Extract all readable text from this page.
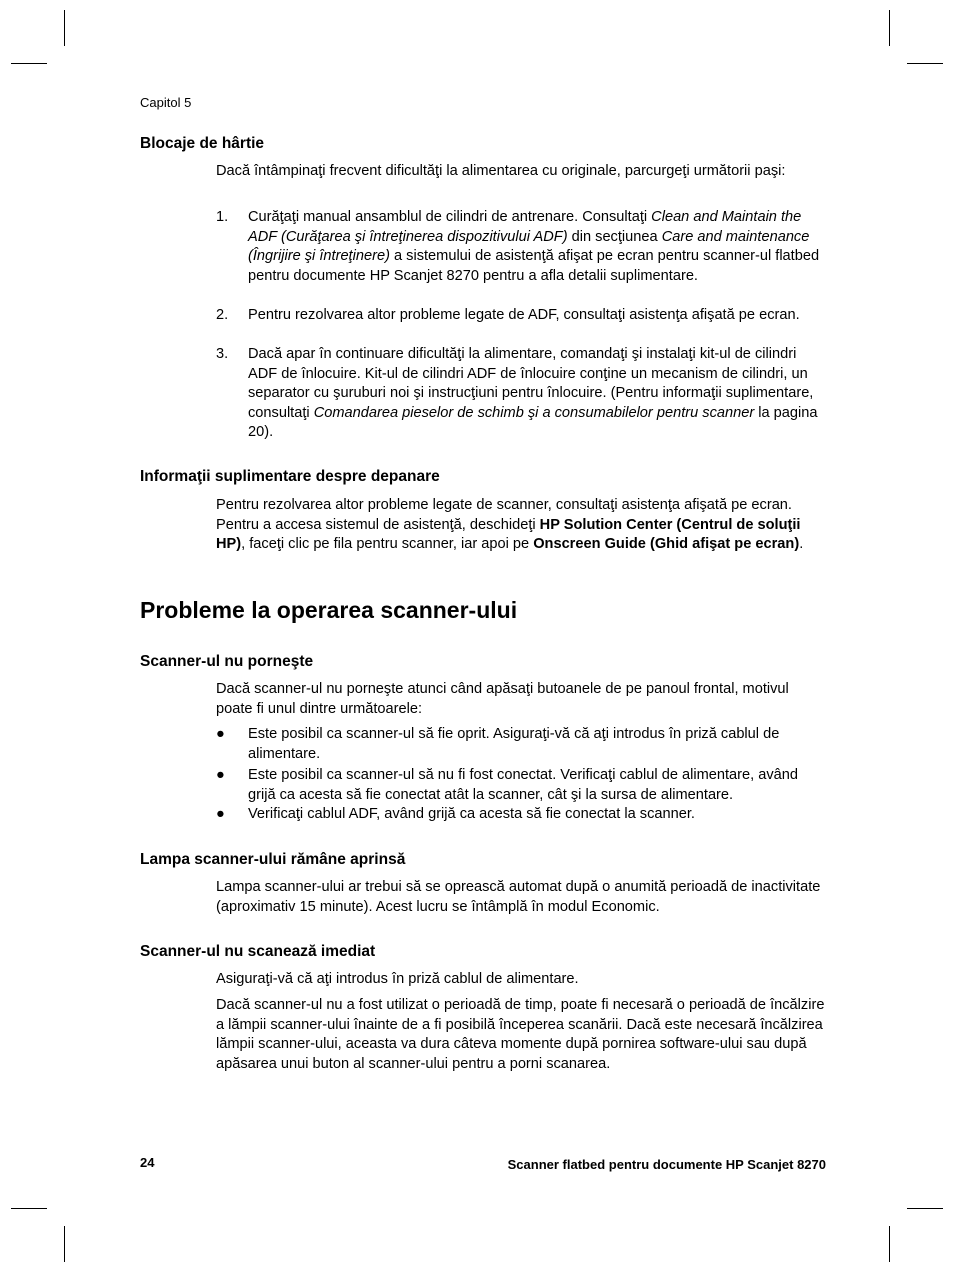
Capitol 5
Blocaje de hârtie

Dacă întâmpinaţi frecvent dificultăţi la alimentarea cu originale, parcurgeţi următorii paşi:

1. Curăţaţi manual ansamblul de cilindri de antrenare. Consultaţi Clean and Maintain the ADF (Curăţarea şi întreţinerea dispozitivului ADF) din secţiunea Care and maintenance (Îngrijire şi întreţinere) a sistemului de asistenţă afişat pe ecran pentru scanner-ul flatbed pentru documente HP Scanjet 8270 pentru a afla detalii suplimentare.
2. Pentru rezolvarea altor probleme legate de ADF, consultaţi asistenţa afişată pe ecran.
3. Dacă apar în continuare dificultăţi la alimentare, comandaţi şi instalaţi kit-ul de cilindri ADF de înlocuire. Kit-ul de cilindri ADF de înlocuire conţine un mecanism de cilindri, un separator cu şuruburi noi şi instrucţiuni pentru înlocuire. (Pentru informaţii suplimentare, consultaţi Comandarea pieselor de schimb şi a consumabilelor pentru scanner la pagina 20).
Informaţii suplimentare despre depanare

Pentru rezolvarea altor probleme legate de scanner, consultaţi asistenţa afişată pe ecran. Pentru a accesa sistemul de asistenţă, deschideţi HP Solution Center (Centrul de soluţii HP), faceţi clic pe fila pentru scanner, iar apoi pe Onscreen Guide (Ghid afişat pe ecran).

Probleme la operarea scanner-ului
Scanner-ul nu porneşte

Dacă scanner-ul nu porneşte atunci când apăsaţi butoanele de pe panoul frontal, motivul poate fi unul dintre următoarele:

● Este posibil ca scanner-ul să fie oprit. Asiguraţi-vă că aţi introdus în priză cablul de alimentare.
● Este posibil ca scanner-ul să nu fi fost conectat. Verificaţi cablul de alimentare, având grijă ca acesta să fie conectat atât la scanner, cât şi la sursa de alimentare.
● Verificaţi cablul ADF, având grijă ca acesta să fie conectat la scanner.
Lampa scanner-ului rămâne aprinsă

Lampa scanner-ului ar trebui să se oprească automat după o anumită perioadă de inactivitate (aproximativ 15 minute). Acest lucru se întâmplă în modul Economic.

Scanner-ul nu scanează imediat

Asiguraţi-vă că aţi introdus în priză cablul de alimentare.

Dacă scanner-ul nu a fost utilizat o perioadă de timp, poate fi necesară o perioadă de încălzire a lămpii scanner-ului înainte de a fi posibilă începerea scanării. Dacă este necesară încălzirea lămpii scanner-ului, aceasta va dura câteva momente după pornirea software-ului sau după apăsarea unui buton al scanner-ului pentru a porni scanarea.

24	Scanner flatbed pentru documente HP Scanjet 8270
